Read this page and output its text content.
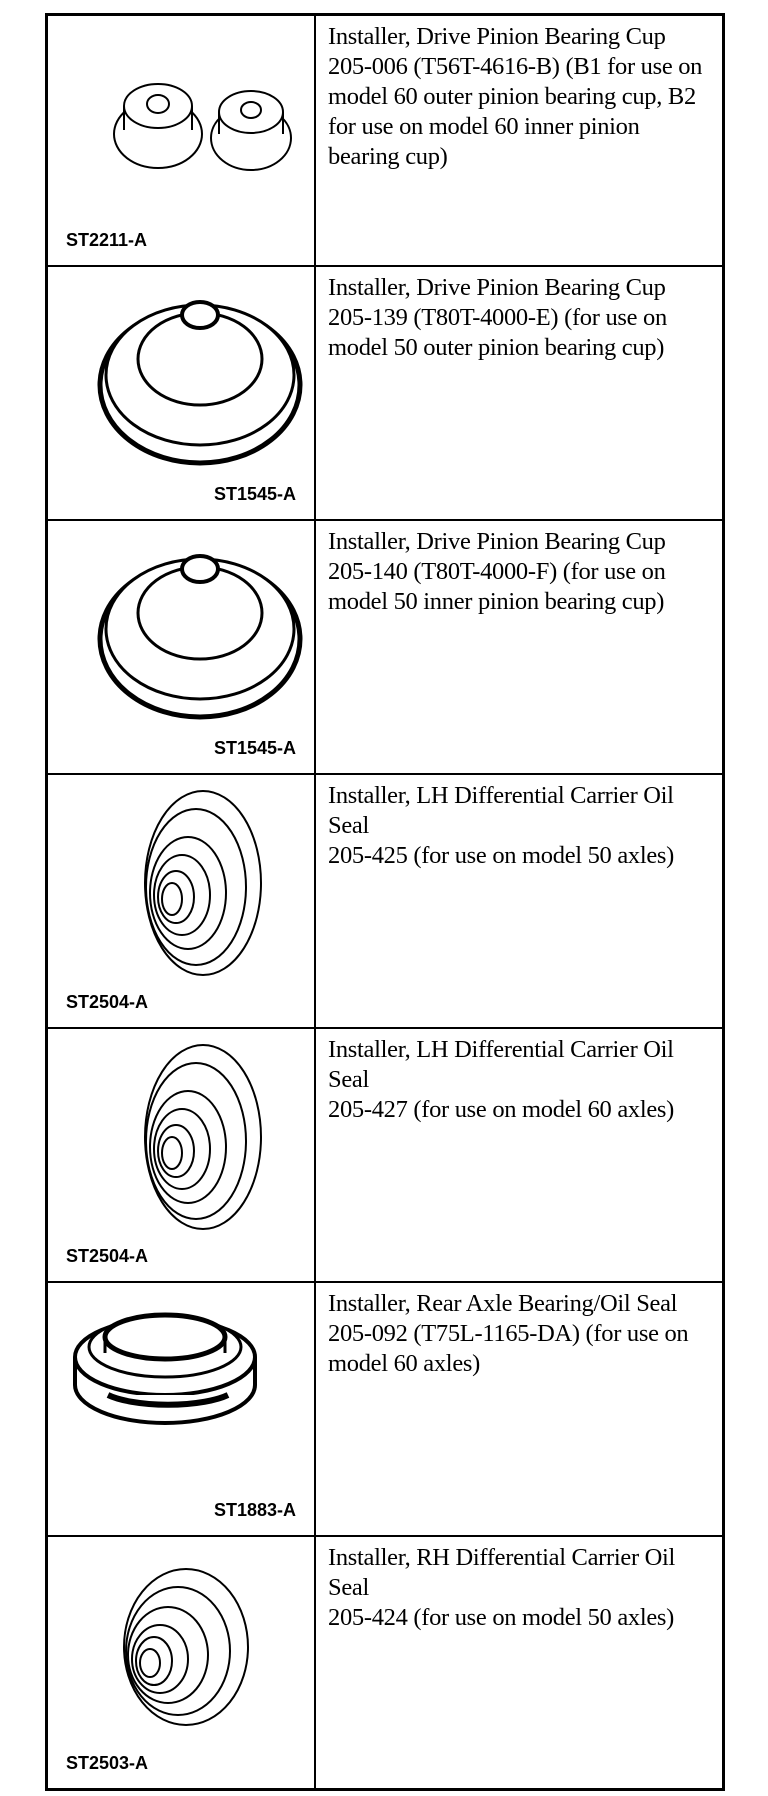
ST2211-A
Installer, Drive Pinion Bearing Cup
205-006 (T56T-4616-B) (B1 for use on model 60 outer pinion bearing cup, B2 for use on model 60 inner pinion bearing cup)
ST1545-A
Installer, Drive Pinion Bearing Cup
205-139 (T80T-4000-E) (for use on model 50 outer pinion bearing cup)
ST1545-A
Installer, Drive Pinion Bearing Cup
205-140 (T80T-4000-F) (for use on model 50 inner pinion bearing cup)
ST2504-A
Installer, LH Differential Carrier Oil Seal
205-425 (for use on model 50 axles)
ST2504-A
Installer, LH Differential Carrier Oil Seal
205-427 (for use on model 60 axles)
ST1883-A
Installer, Rear Axle Bearing/Oil Seal
205-092 (T75L-1165-DA) (for use on model 60 axles)
ST2503-A
Installer, RH Differential Carrier Oil Seal
205-424 (for use on model 50 axles)
